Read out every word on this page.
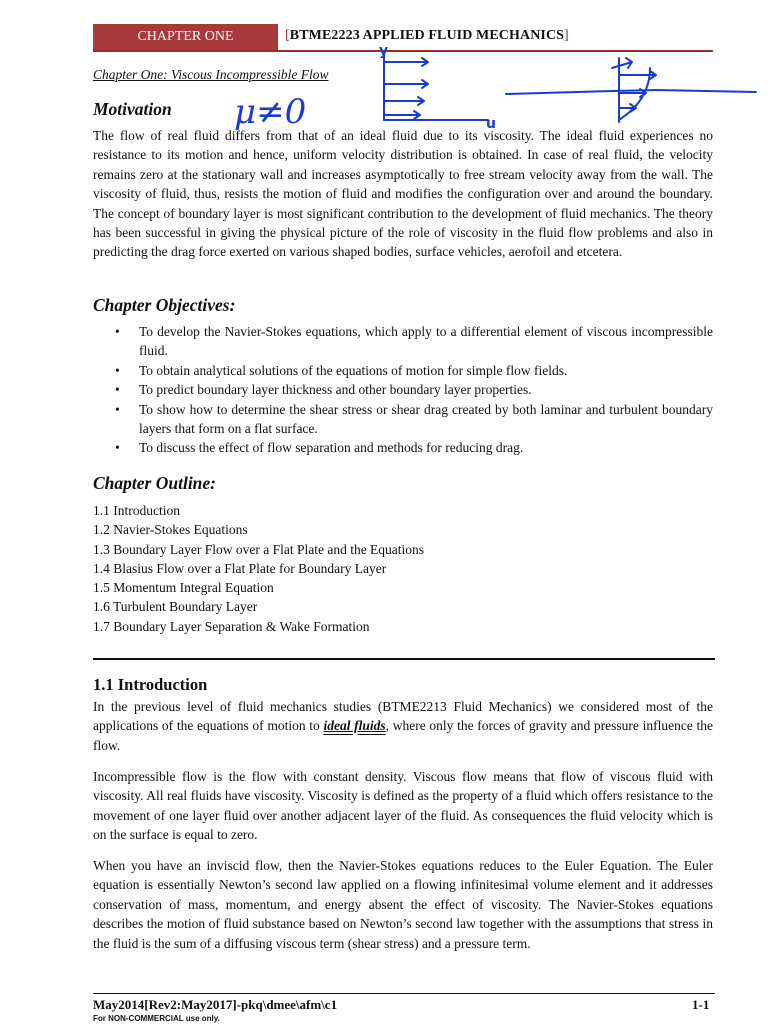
CHAPTER ONE	[BTME2223 APPLIED FLUID MECHANICS]
Chapter One: Viscous Incompressible Flow
μ≠0
y
u
Motivation

The flow of real fluid differs from that of an ideal fluid due to its viscosity. The ideal fluid experiences no resistance to its motion and hence, uniform velocity distribution is obtained. In case of real fluid, the velocity remains zero at the stationary wall and increases asymptotically to free stream velocity away from the wall. The viscosity of fluid, thus, resists the motion of fluid and modifies the configuration over and around the boundary. The concept of boundary layer is most significant contribution to the development of fluid mechanics. The theory has been successful in giving the physical picture of the role of viscosity in the fluid flow problems and also in predicting the drag force exerted on various shaped bodies, surface vehicles, aerofoil and etcetera.

Chapter Objectives:
• To develop the Navier-Stokes equations, which apply to a differential element of viscous incompressible fluid.
• To obtain analytical solutions of the equations of motion for simple flow fields.
• To predict boundary layer thickness and other boundary layer properties.
• To show how to determine the shear stress or shear drag created by both laminar and turbulent boundary layers that form on a flat surface.
• To discuss the effect of flow separation and methods for reducing drag.
Chapter Outline:
1.1 Introduction
1.2 Navier-Stokes Equations
1.3 Boundary Layer Flow over a Flat Plate and the Equations
1.4 Blasius Flow over a Flat Plate for Boundary Layer
1.5 Momentum Integral Equation
1.6 Turbulent Boundary Layer
1.7 Boundary Layer Separation & Wake Formation
1.1 Introduction

In the previous level of fluid mechanics studies (BTME2213 Fluid Mechanics) we considered most of the applications of the equations of motion to ideal fluids, where only the forces of gravity and pressure influence the flow.

Incompressible flow is the flow with constant density. Viscous flow means that flow of viscous fluid with viscosity. All real fluids have viscosity. Viscosity is defined as the property of a fluid which offers resistance to the movement of one layer fluid over another adjacent layer of the fluid. As consequences the fluid velocity which is on the surface is equal to zero.

When you have an inviscid flow, then the Navier-Stokes equations reduces to the Euler Equation. The Euler equation is essentially Newton’s second law applied on a flowing infinitesimal volume element and it addresses conservation of mass, momentum, and energy absent the effect of viscosity. The Navier-Stokes equations describes the motion of fluid substance based on Newton’s second law together with the assumptions that stress in the fluid is the sum of a diffusing viscous term (shear stress) and a pressure term.

May2014[Rev2:May2017]-pkq\dmee\afm\c1	1-1
For NON-COMMERCIAL use only.
